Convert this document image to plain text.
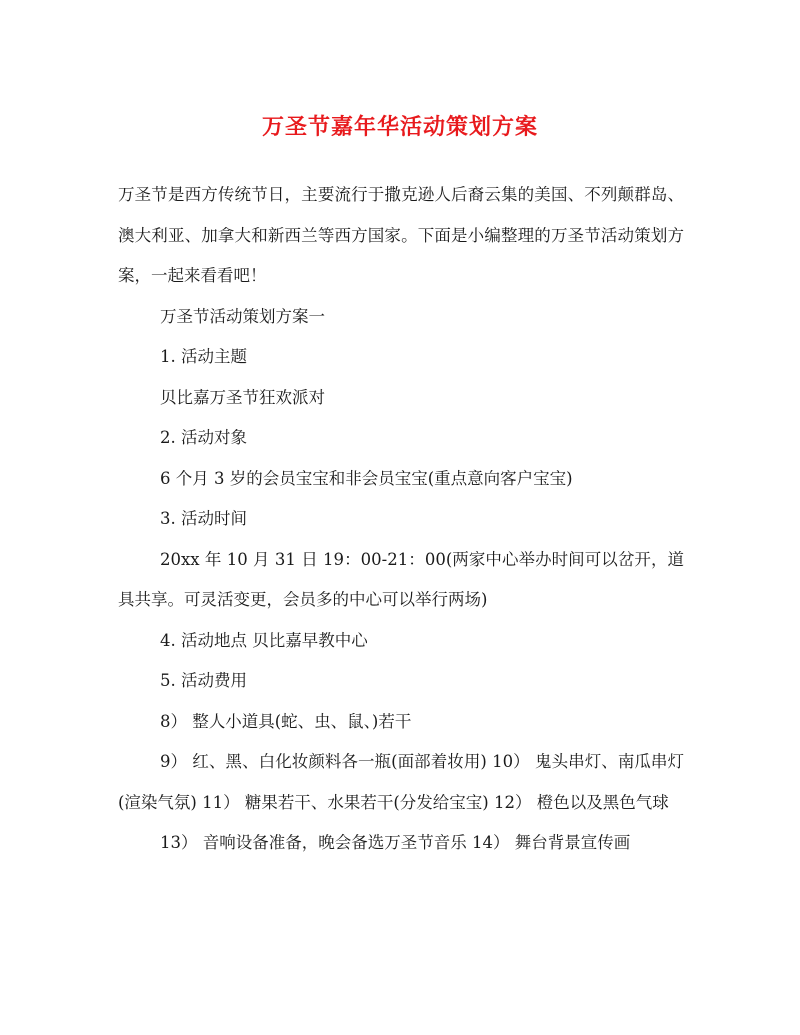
万圣节嘉年华活动策划方案

万圣节是西方传统节日，主要流行于撒克逊人后裔云集的美国、不列颠群岛、澳大利亚、加拿大和新西兰等西方国家。下面是小编整理的万圣节活动策划方案，一起来看看吧！

万圣节活动策划方案一

1. 活动主题

贝比嘉万圣节狂欢派对

2. 活动对象

6 个月 3 岁的会员宝宝和非会员宝宝(重点意向客户宝宝)

3. 活动时间

20xx 年 10 月 31 日 19：00-21：00(两家中心举办时间可以岔开，道具共享。可灵活变更，会员多的中心可以举行两场)

4. 活动地点 贝比嘉早教中心

5. 活动费用

8） 整人小道具(蛇、虫、鼠、)若干

9） 红、黑、白化妆颜料各一瓶(面部着妆用) 10） 鬼头串灯、南瓜串灯(渲染气氛) 11） 糖果若干、水果若干(分发给宝宝) 12） 橙色以及黑色气球

13） 音响设备准备，晚会备选万圣节音乐 14） 舞台背景宣传画
